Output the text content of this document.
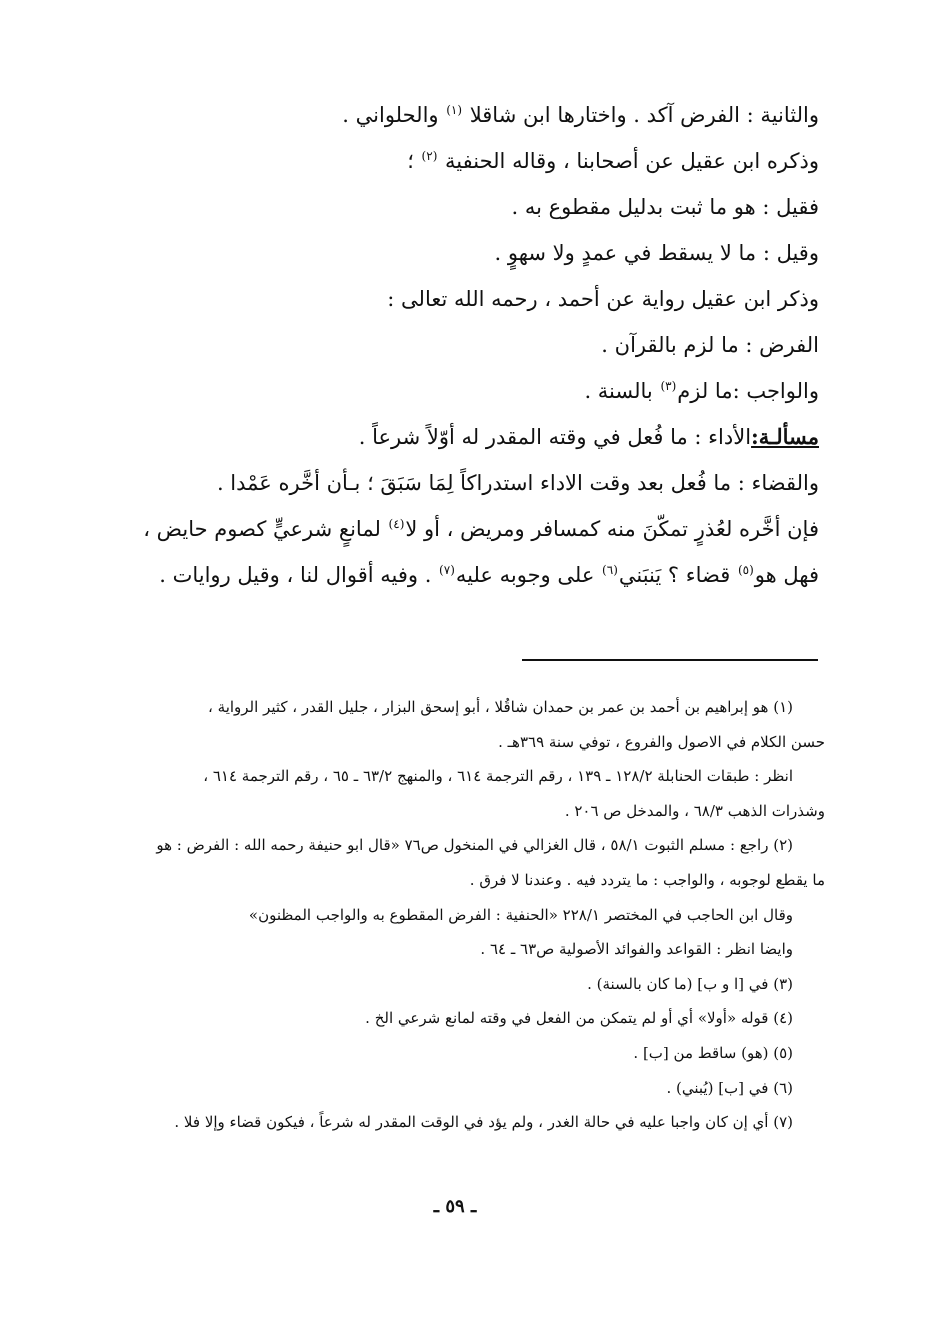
والثانية : الفرض آكد . واختارها ابن شاقلا $^{(١)}$ والحلواني .

وذكره ابن عقيل عن أصحابنا ، وقاله الحنفية $^{(٢)}$ ؛

فقيل : هو ما ثبت بدليل مقطوع به .

وقيل : ما لا يسقط في عمدٍ ولا سهوٍ .

وذكر ابن عقيل رواية عن أحمد ، رحمه الله تعالى :

الفرض : ما لزم بالقرآن .

والواجب :ما لزم$^{(٣)}$ بالسنة .

مسألـة:الأداء : ما فُعل في وقته المقدر له أوّلاً شرعاً .

والقضاء : ما فُعل بعد وقت الاداء استدراكاً لِمَا سَبَقَ ؛ بـأن أخَّره عَمْدا .

فإن أخَّره لعُذرٍ تمكّنَ منه كمسافر ومريض ، أو لا$^{(٤)}$ لمانعٍ شرعيٍّ كصوم حايض ،

فهل هو$^{(٥)}$ قضاء ؟ يَنبَني$^{(٦)}$ على وجوبه عليه$^{(٧)}$ . وفيه أقوال لنا ، وقيل روايات .

(١) هو إبراهيم بن أحمد بن عمر بن حمدان شاقُلا ، أبو إسحق البزار ، جليل القدر ، كثير الرواية ،

حسن الكلام في الاصول والفروع ، توفي سنة ٣٦٩هـ .

انظر : طبقات الحنابلة ١٢٨/٢ ـ ١٣٩ ، رقم الترجمة ٦١٤ ، والمنهج ٦٣/٢ ـ ٦٥ ، رقم الترجمة ٦١٤ ،

وشذرات الذهب ٦٨/٣ ، والمدخل ص ٢٠٦ .

(٢) راجع : مسلم الثبوت ٥٨/١ ، قال الغزالي في المنخول ص٧٦ «قال ابو حنيفة رحمه الله : الفرض : هو

ما يقطع لوجوبه ، والواجب : ما يتردد فيه . وعندنا لا فرق .

وقال ابن الحاجب في المختصر ٢٢٨/١ «الحنفية : الفرض المقطوع به والواجب المظنون»

وايضا انظر : القواعد والفوائد الأصولية ص٦٣ ـ ٦٤ .

(٣) في [ا و ب] (ما كان بالسنة) .

(٤) قوله «أولا» أي أو لم يتمكن من الفعل في وقته لمانع شرعي الخ .

(٥) (هو) ساقط من [ب] .

(٦) في [ب] (يُبني) .

(٧) أي إن كان واجبا عليه في حالة الغدر ، ولم يؤد في الوقت المقدر له شرعاً ، فيكون قضاء وإلا فلا .

ـ ٥٩ ـ
